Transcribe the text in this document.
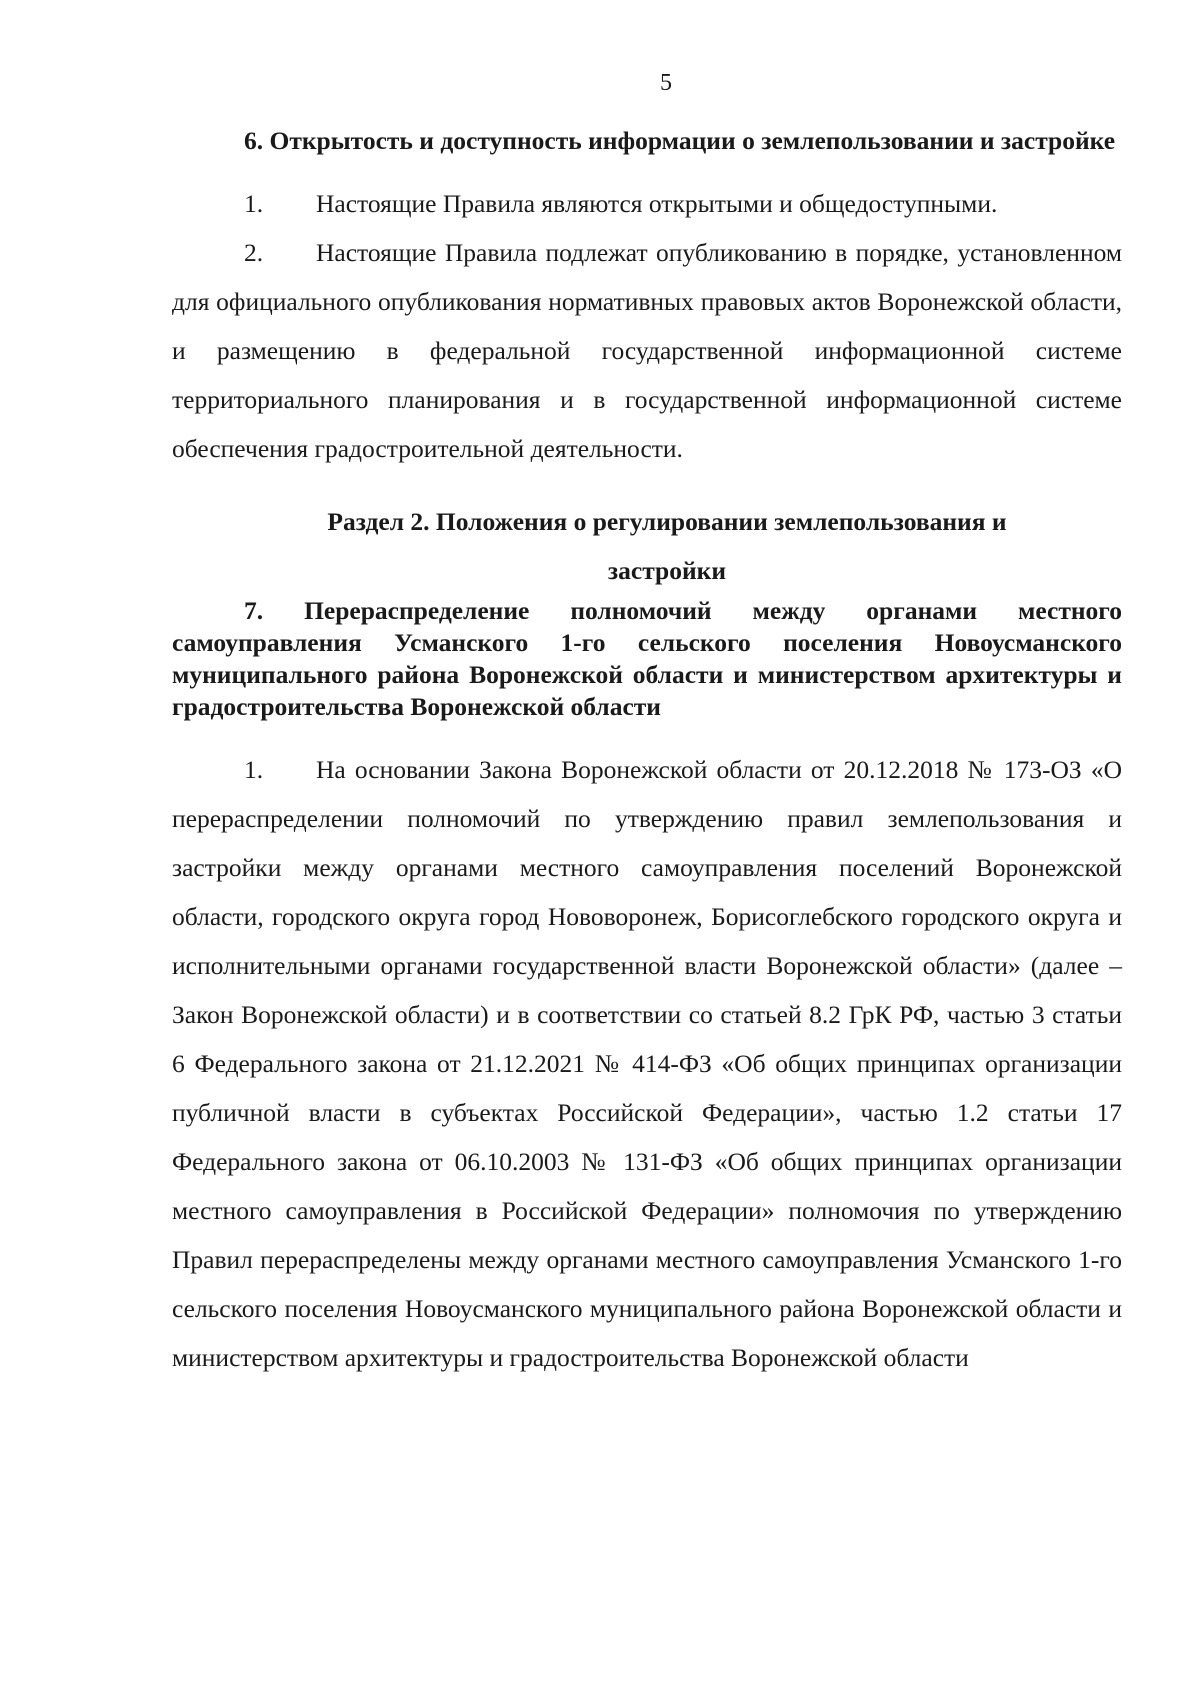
5

6. Открытость и доступность информации о землепользовании и застройке

1. Настоящие Правила являются открытыми и общедоступными.

2. Настоящие Правила подлежат опубликованию в порядке, установленном для официального опубликования нормативных правовых актов Воронежской области, и размещению в федеральной государственной информационной системе территориального планирования и в государственной информационной системе обеспечения градостроительной деятельности.

Раздел 2. Положения о регулировании землепользования и

застройки

7. Перераспределение полномочий между органами местного самоуправления Усманского 1-го сельского поселения Новоусманского муниципального района Воронежской области и министерством архитектуры и градостроительства Воронежской области

1. На основании Закона Воронежской области от 20.12.2018 № 173-ОЗ «О перераспределении полномочий по утверждению правил землепользования и застройки между органами местного самоуправления поселений Воронежской области, городского округа город Нововоронеж, Борисоглебского городского округа и исполнительными органами государственной власти Воронежской области» (далее – Закон Воронежской области) и в соответствии со статьей 8.2 ГрК РФ, частью 3 статьи 6 Федерального закона от 21.12.2021 № 414-ФЗ «Об общих принципах организации публичной власти в субъектах Российской Федерации», частью 1.2 статьи 17 Федерального закона от 06.10.2003 № 131-ФЗ «Об общих принципах организации местного самоуправления в Российской Федерации» полномочия по утверждению Правил перераспределены между органами местного самоуправления Усманского 1-го сельского поселения Новоусманского муниципального района Воронежской области и министерством архитектуры и градостроительства Воронежской области
